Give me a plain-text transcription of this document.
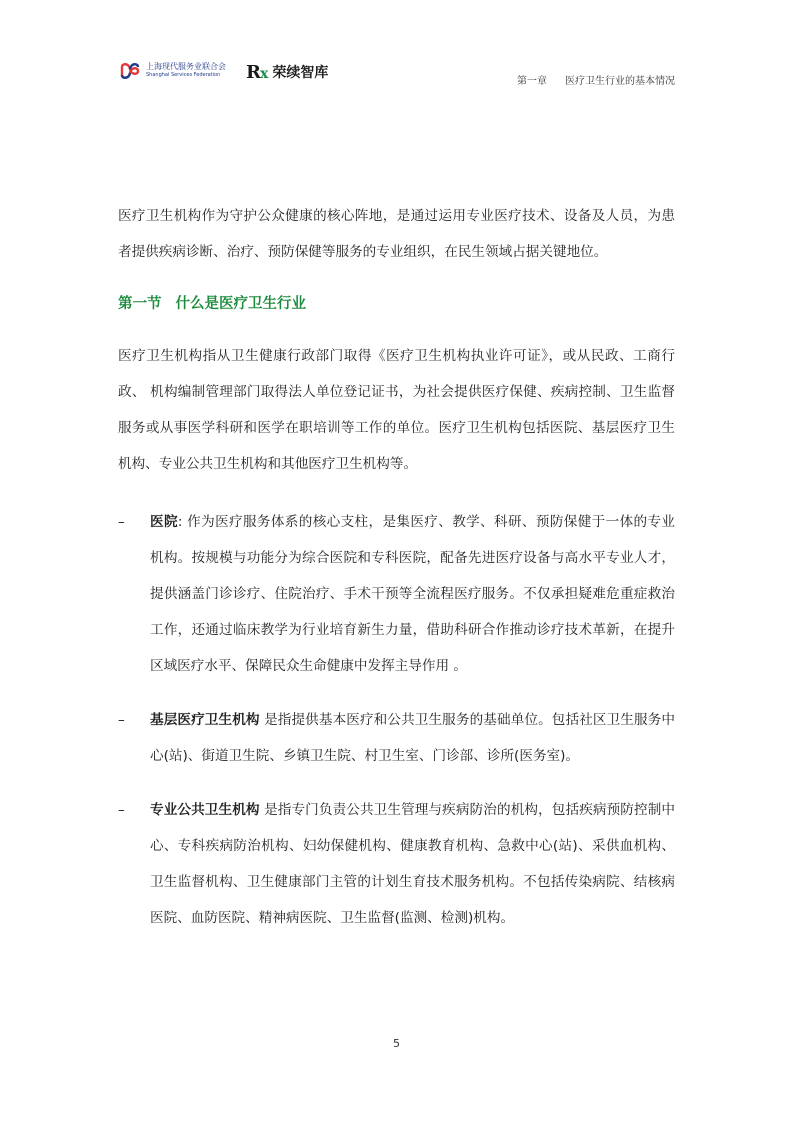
上海现代服务业联合会
Shanghai Services Federation	Rx 荣续智库
第一章 医疗卫生行业的基本情况

医疗卫生机构作为守护公众健康的核心阵地，是通过运用专业医疗技术、设备及人员，为患者提供疾病诊断、治疗、预防保健等服务的专业组织，在民生领域占据关键地位。

第一节 什么是医疗卫生行业

医疗卫生机构指从卫生健康行政部门取得《医疗卫生机构执业许可证》，或从民政、工商行政、 机构编制管理部门取得法人单位登记证书，为社会提供医疗保健、疾病控制、卫生监督服务或从事医学科研和医学在职培训等工作的单位。医疗卫生机构包括医院、基层医疗卫生机构、专业公共卫生机构和其他医疗卫生机构等。

– 医院: 作为医疗服务体系的核心支柱，是集医疗、教学、科研、预防保健于一体的专业机构。按规模与功能分为综合医院和专科医院，配备先进医疗设备与高水平专业人才，提供涵盖门诊诊疗、住院治疗、手术干预等全流程医疗服务。不仅承担疑难危重症救治工作，还通过临床教学为行业培育新生力量，借助科研合作推动诊疗技术革新，在提升区域医疗水平、保障民众生命健康中发挥主导作用 。

– 基层医疗卫生机构 是指提供基本医疗和公共卫生服务的基础单位。包括社区卫生服务中心(站)、街道卫生院、乡镇卫生院、村卫生室、门诊部、诊所(医务室)。

– 专业公共卫生机构 是指专门负责公共卫生管理与疾病防治的机构，包括疾病预防控制中心、专科疾病防治机构、妇幼保健机构、健康教育机构、急救中心(站)、采供血机构、卫生监督机构、卫生健康部门主管的计划生育技术服务机构。不包括传染病院、结核病医院、血防医院、精神病医院、卫生监督(监测、检测)机构。

5
